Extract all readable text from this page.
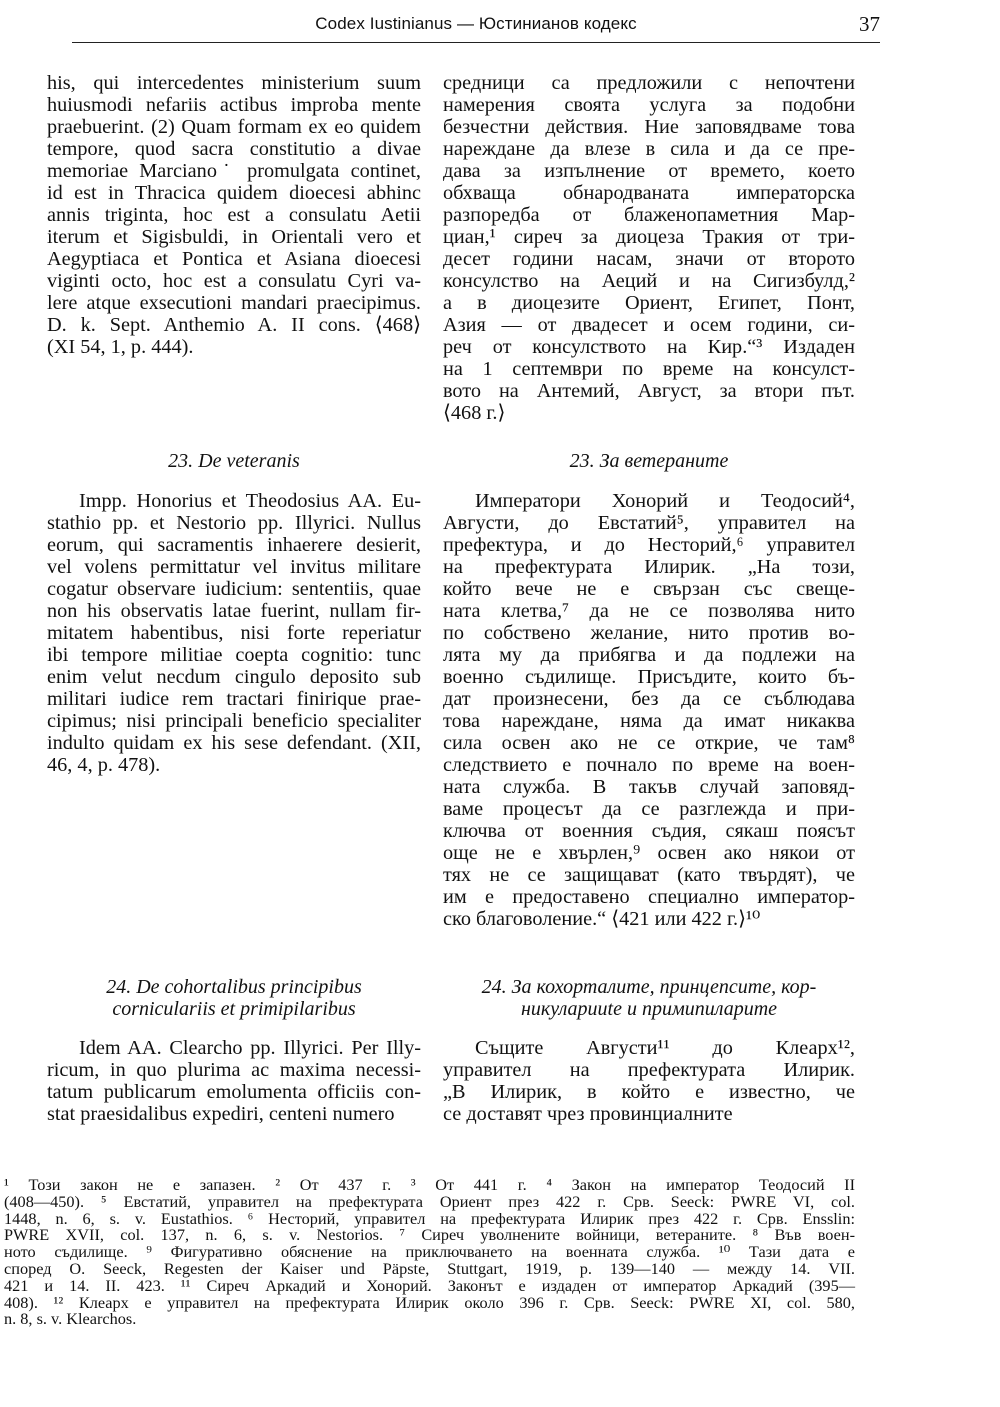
Codex Iustinianus — Юстинианов кодекс	37
his, qui intercedentes ministerium suum
huiusmodi nefariis actibus improba mente
praebuerint. (2) Quam formam ex eo quidem
tempore, quod sacra constitutio a divae
memoriae Marciano˙ promulgata continet,
id est in Thracica quidem dioecesi abhinc
annis triginta, hoc est a consulatu Aetii
iterum et Sigisbuldi, in Orientali vero et
Aegyptiaca et Pontica et Asiana dioecesi
viginti octo, hoc est a consulatu Cyri va-
lere atque exsecutioni mandari praecipimus.
D. k. Sept. Anthemio A. II cons. ⟨468⟩
(XI 54, 1, p. 444).
средници са предложили с непочтени
намерения своята услуга за подобни
безчестни действия. Ние заповядваме това
нареждане да влезе в сила и да се пре-
дава за изпълнение от времето, което
обхваща обнародваната императорска
разпоредба от блаженопаметния Мар-
циан,¹ сиреч за диоцеза Тракия от три-
десет години насам, значи от второто
консулство на Аеций и на Сигизбулд,²
а в диоцезите Ориент, Египет, Понт,
Азия — от двадесет и осем години, си-
реч от консулството на Кир.“³ Издаден
на 1 септември по време на консулст-
вото на Антемий, Август, за втори път.
⟨468 г.⟩
23. De veteranis	23. За ветераните
Impp. Honorius et Theodosius AA. Eu-
stathio pp. et Nestorio pp. Illyrici. Nullus
eorum, qui sacramentis inhaerere desierit,
vel volens permittatur vel invitus militare
cogatur observare iudicium: sententiis, quae
non his observatis latae fuerint, nullam fir-
mitatem habentibus, nisi forte reperiatur
ibi tempore militiae coepta cognitio: tunc
enim velut necdum cingulo deposito sub
militari iudice rem tractari finirique prae-
cipimus; nisi principali beneficio specialiter
indulto quidam ex his sese defendant. (XII,
46, 4, p. 478).
Императори Хонорий и Теодосий⁴,
Августи, до Евстатий⁵, управител на
префектура, и до Несторий,⁶ управител
на префектурата Илирик. „На този,
който вече не е свързан със свеще-
ната клетва,⁷ да не се позволява нито
по собствено желание, нито против во-
лята му да прибягва и да подлежи на
военно съдилище. Присъдите, които бъ-
дат произнесени, без да се съблюдава
това нареждане, няма да имат никаква
сила освен ако не се открие, че там⁸
следствието е почнало по време на воен-
ната служба. В такъв случай заповяд-
ваме процесът да се разглежда и при-
ключва от военния съдия, сякаш поясът
още не е хвърлен,⁹ освен ако някои от
тях не се защищават (като твърдят), че
им е предоставено специално император-
ско благоволение.“ ⟨421 или 422 г.⟩¹⁰
24. De cohortalibus principibus
corniculariis et primipilaribus
24. За кохорталите, принцепсите, кор-
никуларииte и примипиларите
Idem AA. Clearcho pp. Illyrici. Per Illy-
ricum, in quo plurima ac maxima necessi-
tatum publicarum emolumenta officiis con-
stat praesidalibus expediri, centeni numero
Същите Августи¹¹ до Клеарх¹²,
управител на префектурата Илирик.
„В Илирик, в който е известно, че
се доставят чрез провинциалните
¹ Този закон не е запазен. ² От 437 г. ³ От 441 г. ⁴ Закон на император Теодосий II
(408—450). ⁵ Евстатий, управител на префектурата Ориент през 422 г. Срв. Seeck: PWRE VI, col.
1448, n. 6, s. v. Eustathios. ⁶ Несторий, управител на префектурата Илирик през 422 г. Срв. Ensslin:
PWRE XVII, col. 137, n. 6, s. v. Nestorios. ⁷ Сиреч уволнените войници, ветераните. ⁸ Във воен-
ното съдилище. ⁹ Фигуративно обяснение на приключването на военната служба. ¹⁰ Тази дата е
според O. Seeck, Regesten der Kaiser und Päpste, Stuttgart, 1919, p. 139—140 — между 14. VII.
421 и 14. II. 423. ¹¹ Сиреч Аркадий и Хонорий. Законът е издаден от император Аркадий (395—
408). ¹² Клеарх е управител на префектурата Илирик около 396 г. Срв. Seeck: PWRE XI, col. 580,
n. 8, s. v. Klearchos.
